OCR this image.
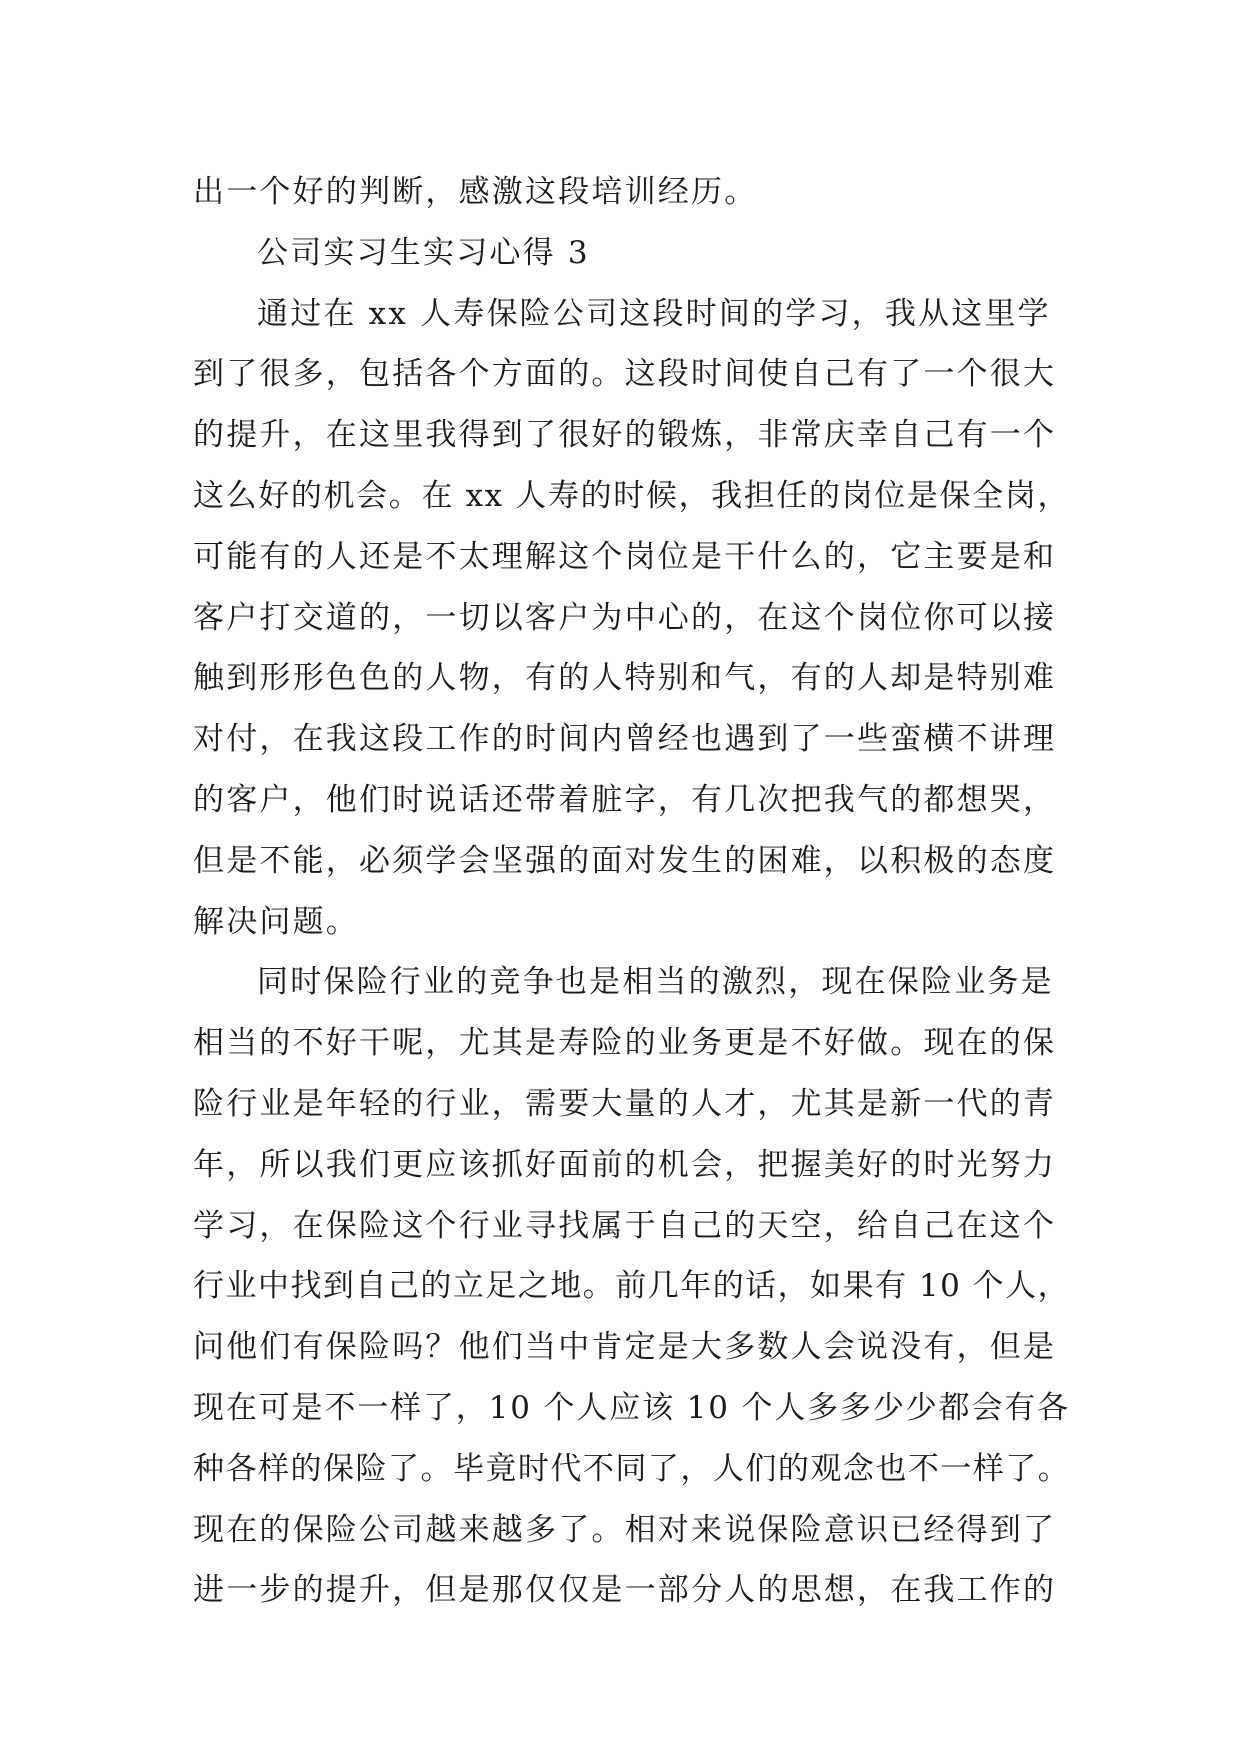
出一个好的判断，感激这段培训经历。
公司实习生实习心得 3
通过在 xx 人寿保险公司这段时间的学习，我从这里学
到了很多，包括各个方面的。这段时间使自己有了一个很大
的提升，在这里我得到了很好的锻炼，非常庆幸自己有一个
这么好的机会。在 xx 人寿的时候，我担任的岗位是保全岗，
可能有的人还是不太理解这个岗位是干什么的，它主要是和
客户打交道的，一切以客户为中心的，在这个岗位你可以接
触到形形色色的人物，有的人特别和气，有的人却是特别难
对付，在我这段工作的时间内曾经也遇到了一些蛮横不讲理
的客户，他们时说话还带着脏字，有几次把我气的都想哭，
但是不能，必须学会坚强的面对发生的困难，以积极的态度
解决问题。
同时保险行业的竞争也是相当的激烈，现在保险业务是
相当的不好干呢，尤其是寿险的业务更是不好做。现在的保
险行业是年轻的行业，需要大量的人才，尤其是新一代的青
年，所以我们更应该抓好面前的机会，把握美好的时光努力
学习，在保险这个行业寻找属于自己的天空，给自己在这个
行业中找到自己的立足之地。前几年的话，如果有 10 个人，
问他们有保险吗？他们当中肯定是大多数人会说没有，但是
现在可是不一样了，10 个人应该 10 个人多多少少都会有各
种各样的保险了。毕竟时代不同了，人们的观念也不一样了。
现在的保险公司越来越多了。相对来说保险意识已经得到了
进一步的提升，但是那仅仅是一部分人的思想，在我工作的
